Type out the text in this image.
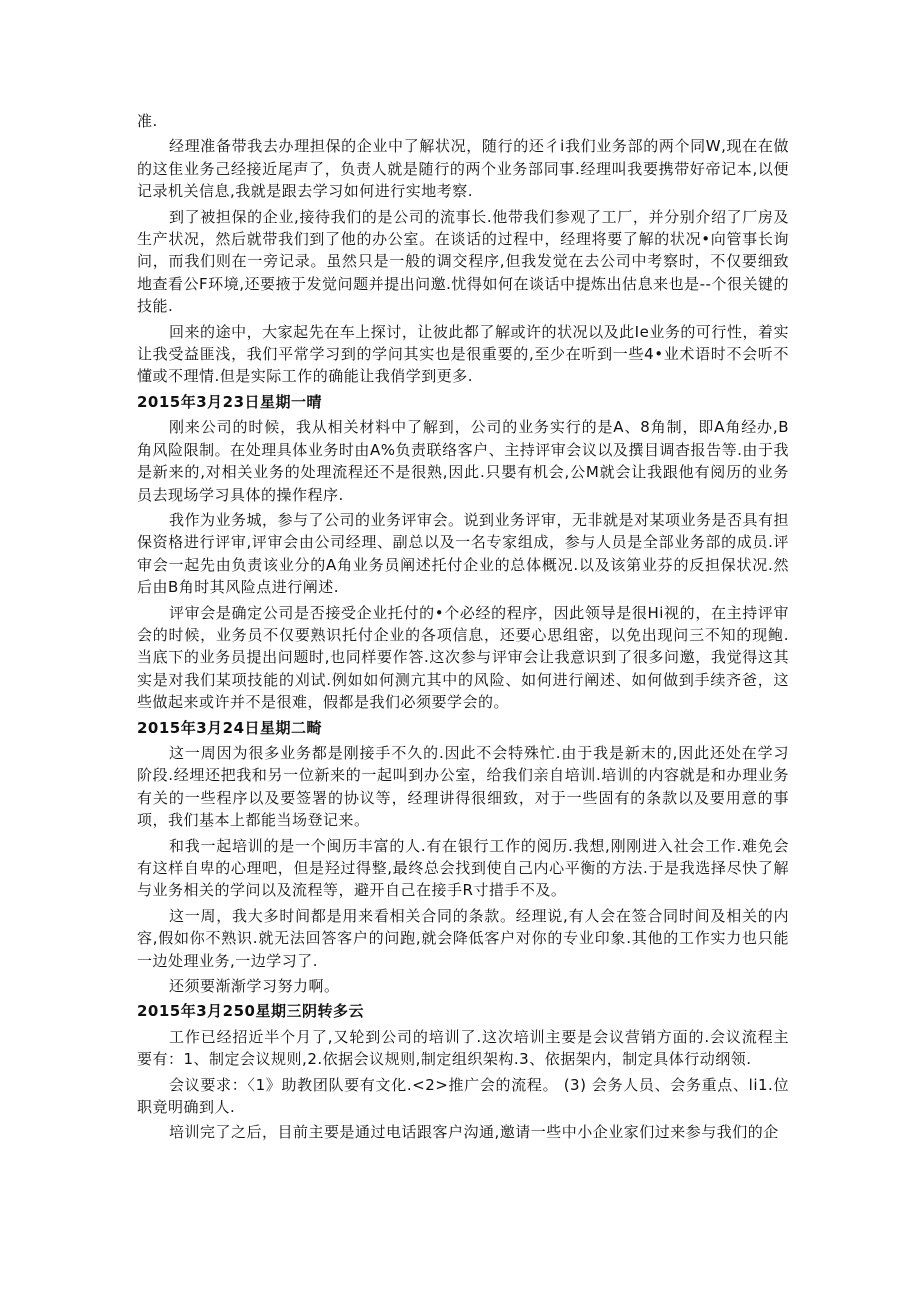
准.

经理准备带我去办理担保的企业中了解状况，随行的还彳i我们业务部的两个同W,现在在做的这隹业务己经接近尾声了，负责人就是随行的两个业务部同事.经理叫我要携带好帝记本,以便记录机关信息,我就是跟去学习如何进行实地考察.

到了被担保的企业,接待我们的是公司的流事长.他带我们参观了工厂，并分别介绍了厂房及生产状况，然后就带我们到了他的办公室。在谈话的过程中，经理将要了解的状况•向管事长询问，而我们则在一旁记录。虽然只是一般的调交程序,但我发觉在去公司中考察时，不仅要细致地查看公F环境,还要掖于发觉问题并提出问邀.忧得如何在谈话中提炼出估息来也是--个很关键的技能.

回来的途中，大家起先在车上探讨，让彼此都了解或许的状况以及此Ie业务的可行性，着实让我受益匪浅，我们平常学习到的学问其实也是很重要的,至少在听到一些4•业术语时不会听不懂或不理情.但是实际工作的确能让我俏学到更多.

2015年3月23日星期一晴

刚来公司的时候，我从相关材料中了解到，公司的业务实行的是A、8角制，即A角经办,B角风险限制。在处理具体业务时由A%负责联络客户、主持评审会议以及撰目调杳报告等.由于我是新来的,对相关业务的处理流程还不是很熟,因此.只嬰有机会,公M就会让我跟他有阅历的业务员去现场学习具体的操作程序.

我作为业务城，参与了公司的业务评审会。说到业务评审，无非就是对某项业务是否具有担保资格进行评审,评审会由公司经理、副总以及一名专家组成，参与人员是全部业务部的成员.评审会一起先由负责该业分的A角业务员阐述托付企业的总体概况.以及该第业芬的反担保状况.然后由B角时其风险点进行阐述.

评审会是确定公司是否接受企业托付的•个必经的程序，因此领导是很Hi视的，在主持评审会的时候，业务员不仅要熟识托付企业的各项信息，还要心思组密，以免出现问三不知的现鲍.当底下的业务员提出问题时,也同样要作答.这次参与评审会让我意识到了很多问邀，我觉得这其实是对我们某项技能的刈试.例如如何测亢其中的风险、如何进行阐述、如何做到手续齐爸，这些做起来或许并不是很难，假都是我们必须要学会的。

2015年3月24日星期二畸

这一周因为很多业务都是刚接手不久的.因此不会特殊忙.由于我是新末的,因此还处在学习阶段.经埋还把我和另一位新来的一起叫到办公室，给我们亲自培训.培训的内容就是和办理业务有关的一些程序以及要签署的协议等，经理讲得很细致，对于一些固有的条款以及要用意的事项，我们基本上都能当场登记来。

和我一起培训的是一个闽历丰富的人.有在银行工作的阅历.我想,刚刚进入社会工作.难免会有这样自卑的心理吧，但是羟过得整,最终总会找到使自己内心平衡的方法.于是我选择尽快了解与业务相关的学问以及流程等，避开自己在接手R寸措手不及。

这一周，我大多时间都是用来看相关合同的条款。经理说,有人会在签合同时间及相关的内容,假如你不熟识.就无法回答客户的问跑,就会降低客户对你的专业印象.其他的工作实力也只能一边处理业务,一边学习了.

还须要渐渐学习努力啊。

2015年3月250星期三阴转多云

工作已经招近半个月了,又轮到公司的培训了.这次培训主要是会议营销方面的.会议流程主要有：1、制定会议规则,2.依据会议规则,制定组织架构.3、依据架内，制定具体行动纲领.

会议要求：〈1》助教团队要有文化.<2>推广会的流程。 (3) 会务人员、会务重点、li1.位职竟明确到人.

培训完了之后，目前主要是通过电话跟客户沟通,邀请一些中小企业家们过来参与我们的企
